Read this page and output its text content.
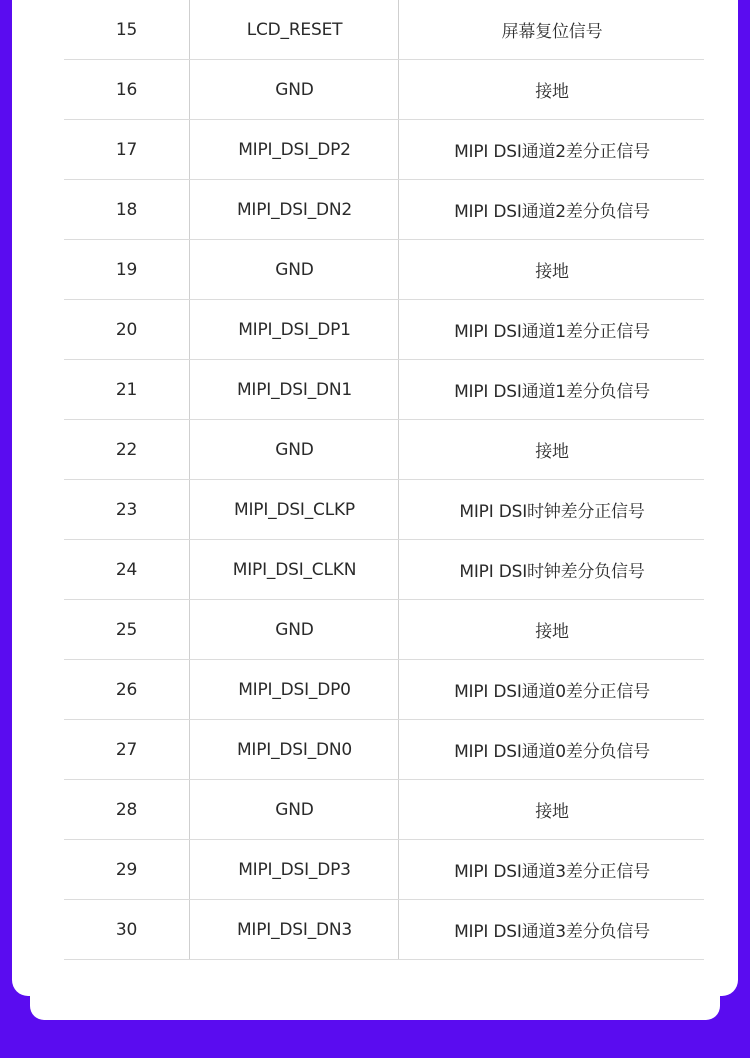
15	LCD_RESET	屏幕复位信号
16	GND	接地
17	MIPI_DSI_DP2	MIPI DSI通道2差分正信号
18	MIPI_DSI_DN2	MIPI DSI通道2差分负信号
19	GND	接地
20	MIPI_DSI_DP1	MIPI DSI通道1差分正信号
21	MIPI_DSI_DN1	MIPI DSI通道1差分负信号
22	GND	接地
23	MIPI_DSI_CLKP	MIPI DSI时钟差分正信号
24	MIPI_DSI_CLKN	MIPI DSI时钟差分负信号
25	GND	接地
26	MIPI_DSI_DP0	MIPI DSI通道0差分正信号
27	MIPI_DSI_DN0	MIPI DSI通道0差分负信号
28	GND	接地
29	MIPI_DSI_DP3	MIPI DSI通道3差分正信号
30	MIPI_DSI_DN3	MIPI DSI通道3差分负信号
